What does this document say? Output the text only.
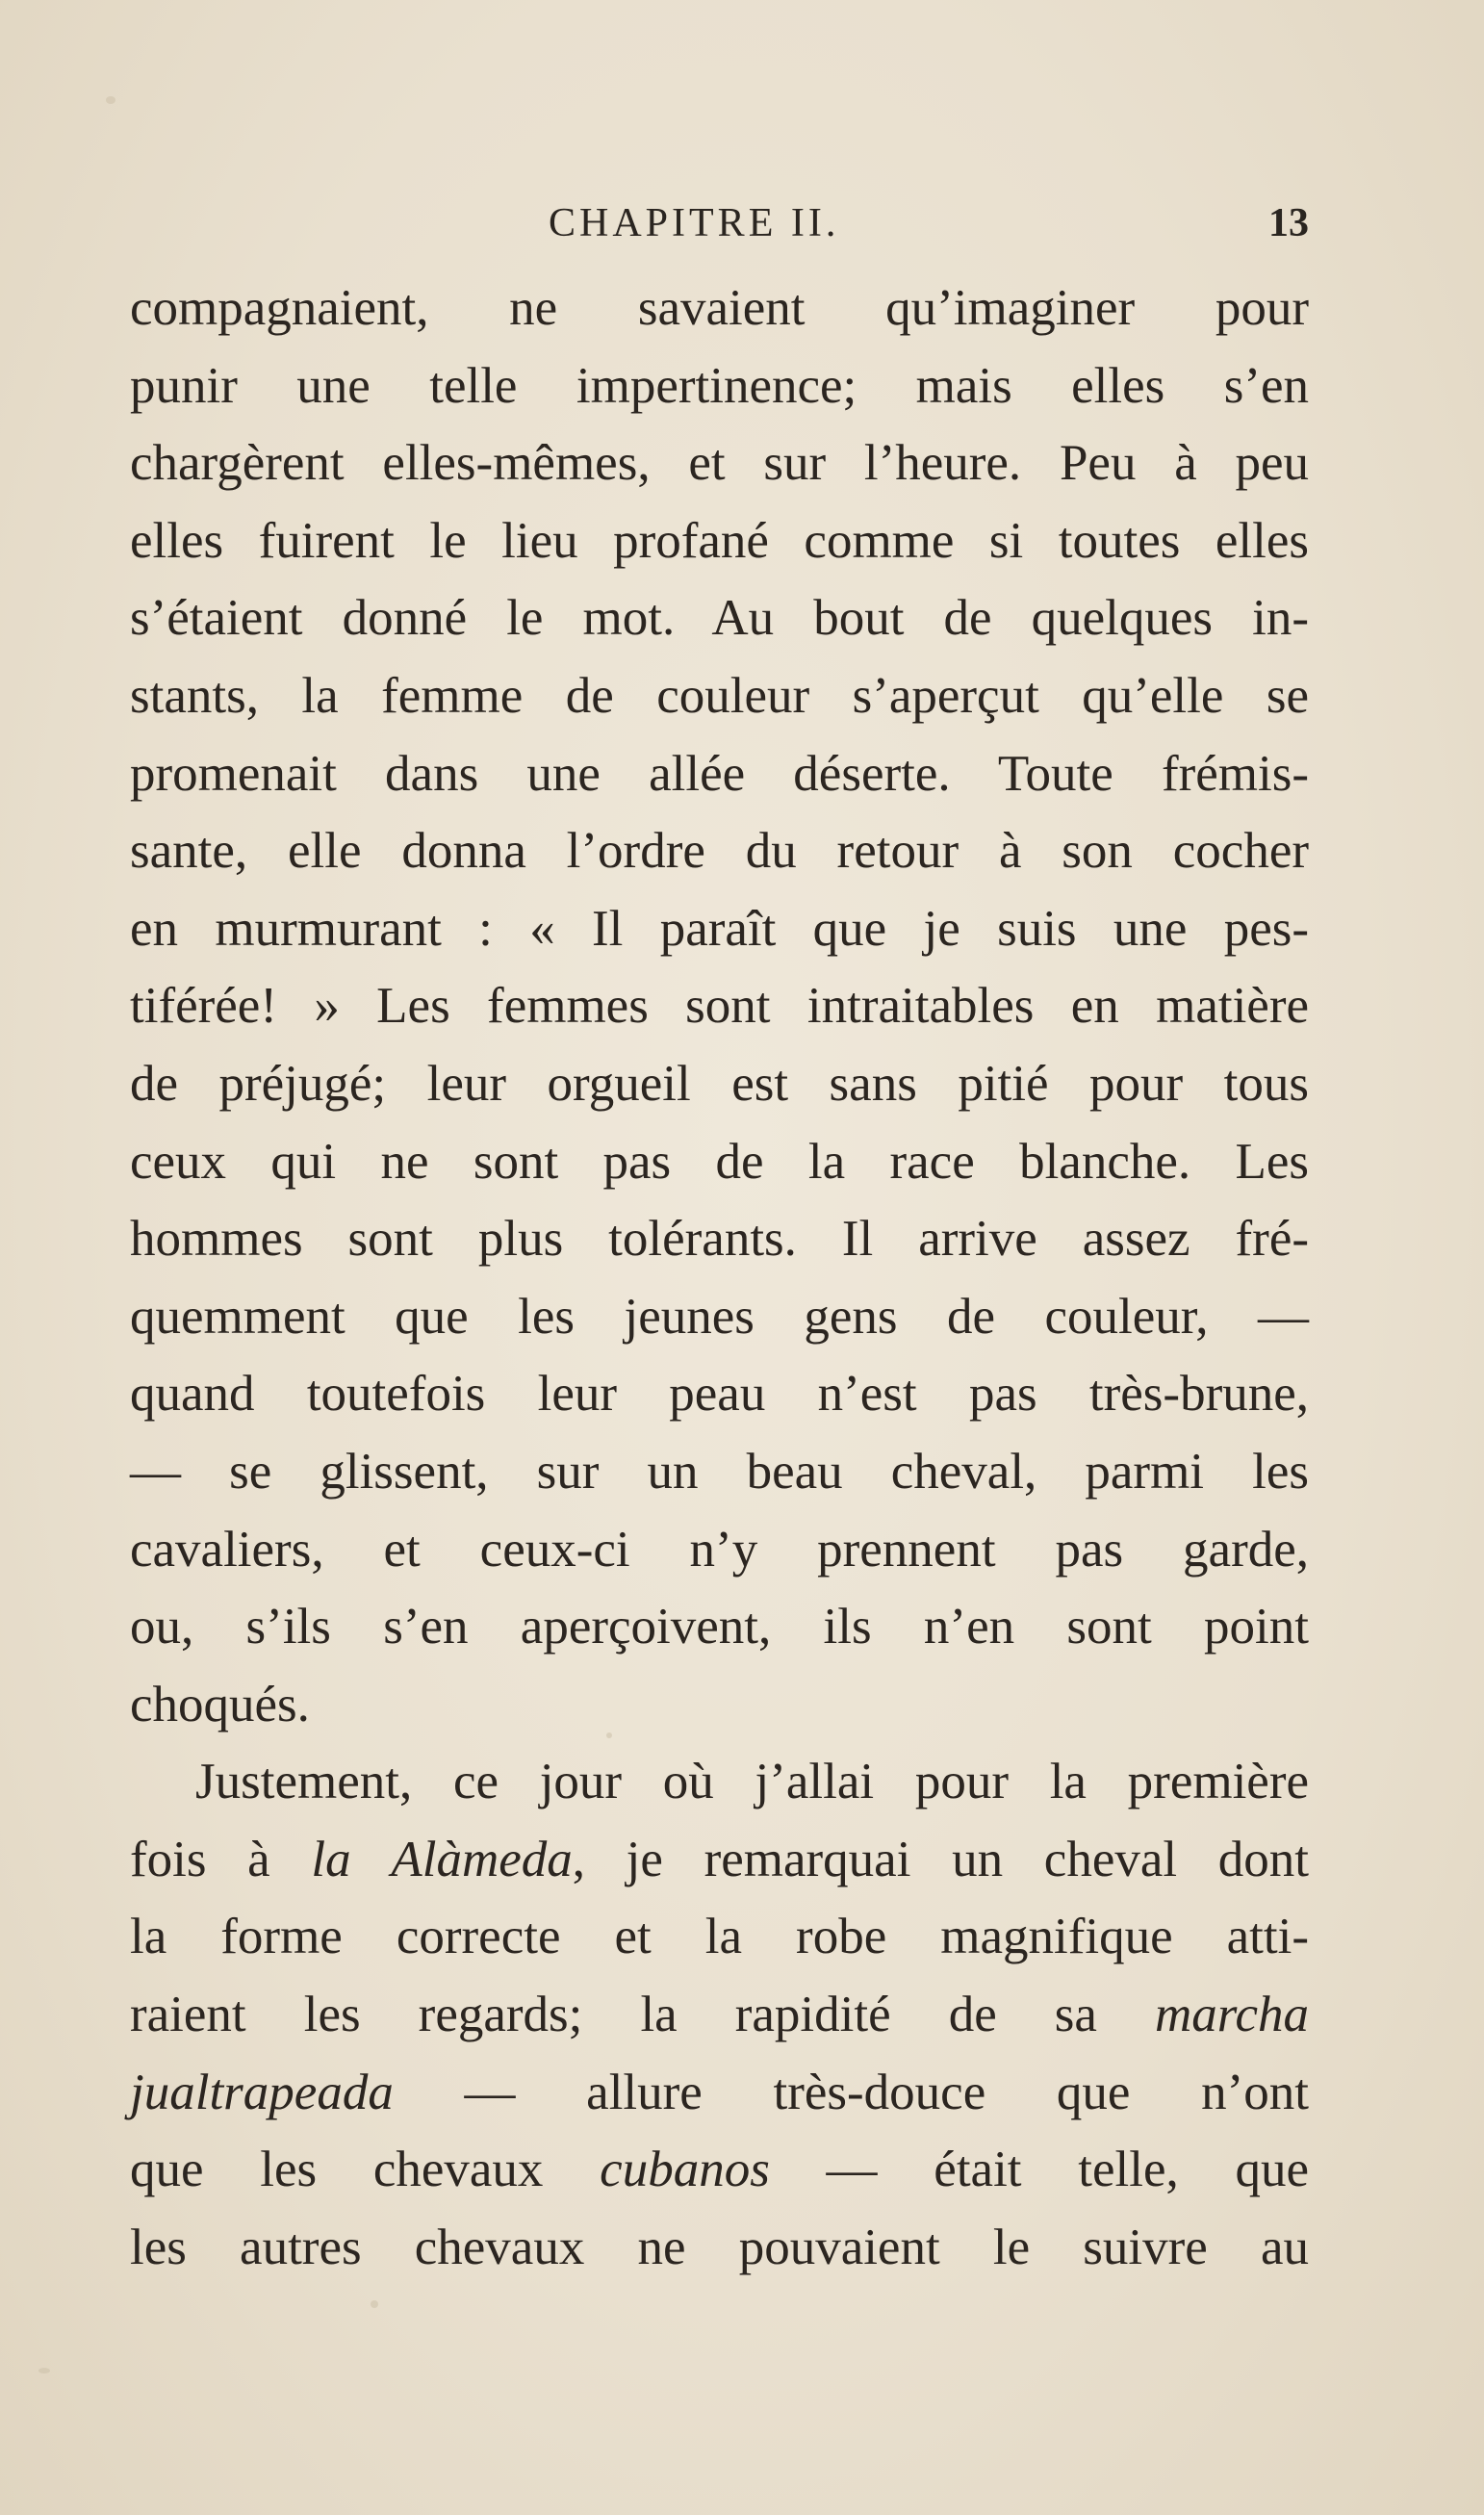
CHAPITRE II.	13
compagnaient, ne savaient qu’imaginer pour
punir une telle impertinence; mais elles s’en
chargèrent elles-mêmes, et sur l’heure. Peu à peu
elles fuirent le lieu profané comme si toutes elles
s’étaient donné le mot. Au bout de quelques in-
stants, la femme de couleur s’aperçut qu’elle se
promenait dans une allée déserte. Toute frémis-
sante, elle donna l’ordre du retour à son cocher
en murmurant : « Il paraît que je suis une pes-
tiférée! » Les femmes sont intraitables en matière
de préjugé; leur orgueil est sans pitié pour tous
ceux qui ne sont pas de la race blanche. Les
hommes sont plus tolérants. Il arrive assez fré-
quemment que les jeunes gens de couleur, —
quand toutefois leur peau n’est pas très-brune,
— se glissent, sur un beau cheval, parmi les
cavaliers, et ceux-ci n’y prennent pas garde,
ou, s’ils s’en aperçoivent, ils n’en sont point
choqués.
Justement, ce jour où j’allai pour la première
fois à la Alàmeda, je remarquai un cheval dont
la forme correcte et la robe magnifique atti-
raient les regards; la rapidité de sa marcha
jualtrapeada — allure très-douce que n’ont
que les chevaux cubanos — était telle, que
les autres chevaux ne pouvaient le suivre au
